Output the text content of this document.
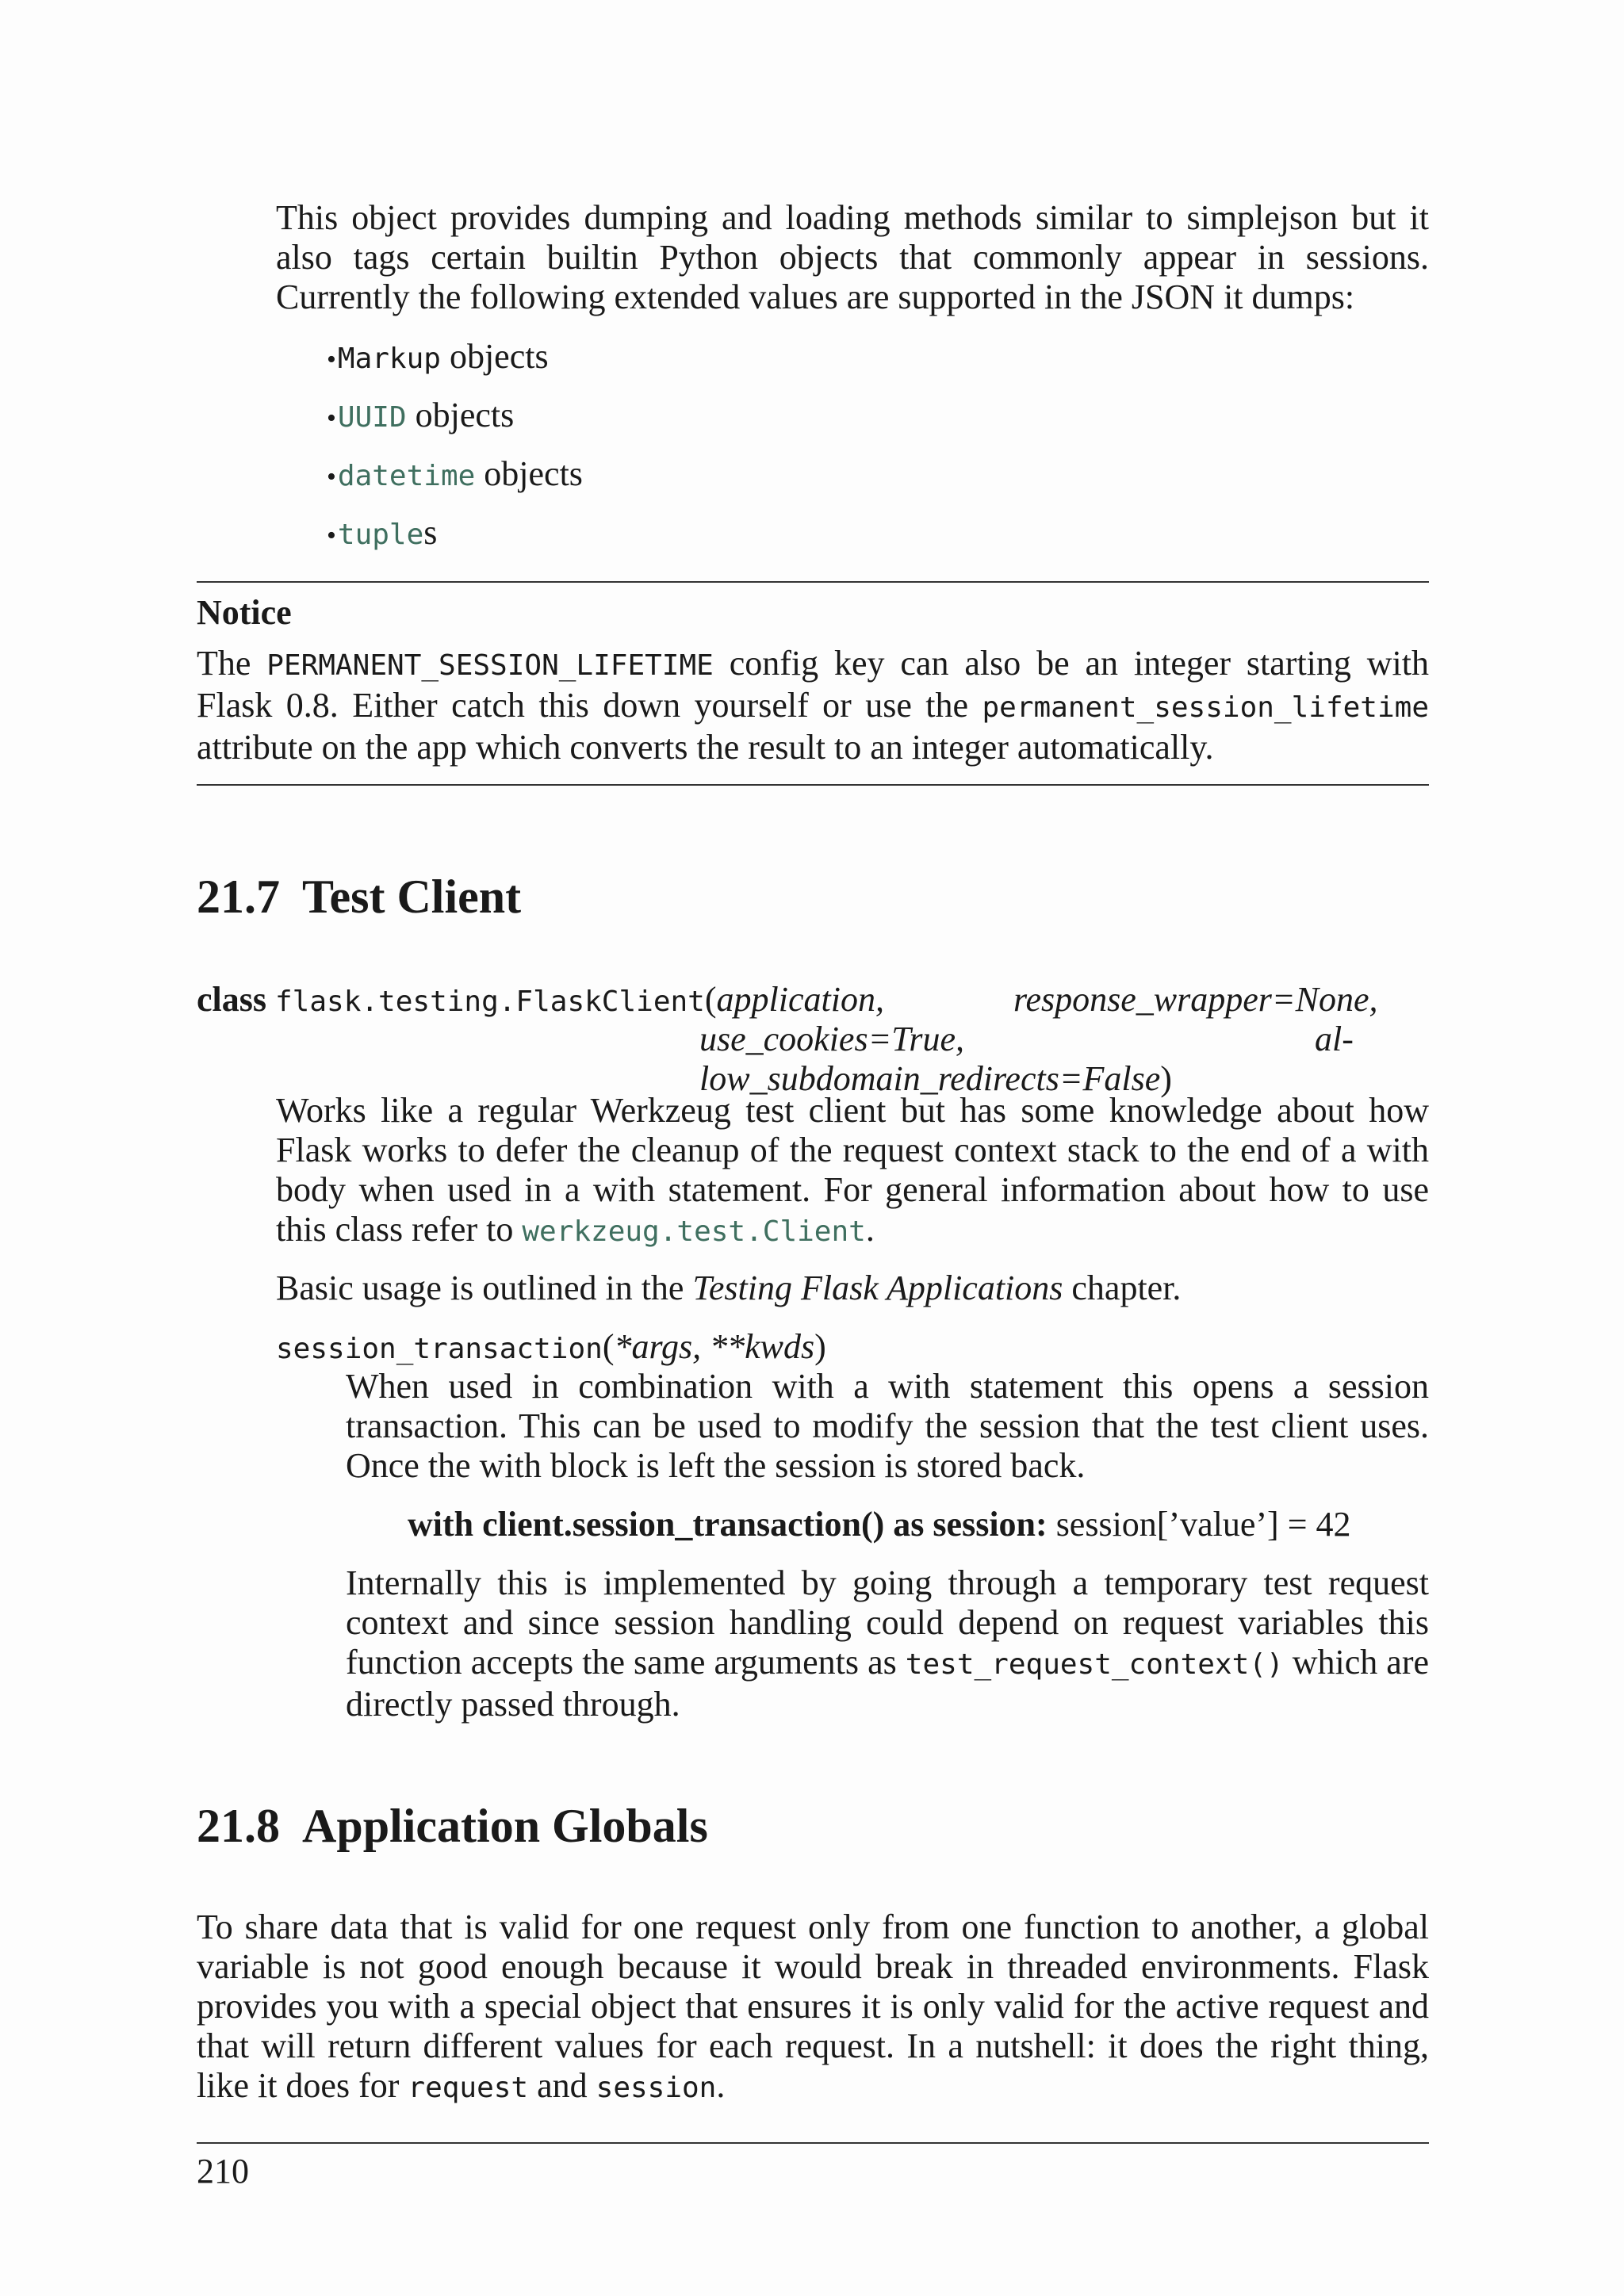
This object provides dumping and loading methods similar to simplejson but it also tags certain builtin Python objects that commonly appear in sessions. Currently the following extended values are supported in the JSON it dumps:

•Markup objects
•UUID objects
•datetime objects
•tuples
Notice

The PERMANENT_SESSION_LIFETIME config key can also be an integer starting with Flask 0.8. Either catch this down yourself or use the permanent_session_lifetime attribute on the app which converts the result to an integer automatically.

21.7 Test Client
class flask.testing.FlaskClient(application,	response_wrapper=None,
use_cookies=True,	al-
low_subdomain_redirects=False)

Works like a regular Werkzeug test client but has some knowledge about how Flask works to defer the cleanup of the request context stack to the end of a with body when used in a with statement. For general information about how to use this class refer to werkzeug.test.Client.

Basic usage is outlined in the Testing Flask Applications chapter.

session_transaction(*args, **kwds)

When used in combination with a with statement this opens a session transaction. This can be used to modify the session that the test client uses. Once the with block is left the session is stored back.

with client.session_transaction() as session: session[’value’] = 42

Internally this is implemented by going through a temporary test request context and since session handling could depend on request variables this function accepts the same arguments as test_request_context() which are directly passed through.

21.8 Application Globals

To share data that is valid for one request only from one function to another, a global variable is not good enough because it would break in threaded environments. Flask provides you with a special object that ensures it is only valid for the active request and that will return different values for each request. In a nutshell: it does the right thing, like it does for request and session.

210
